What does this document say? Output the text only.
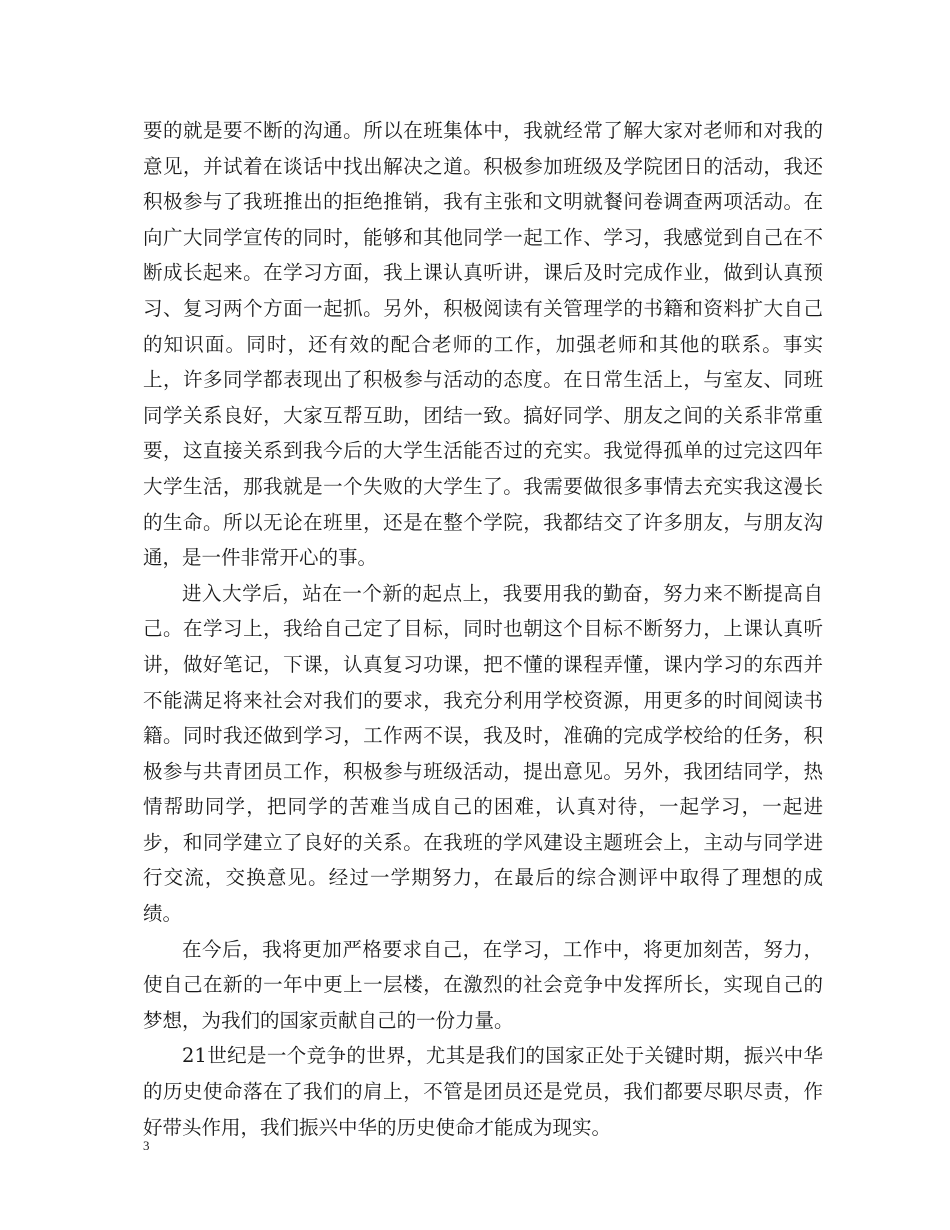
要的就是要不断的沟通。所以在班集体中，我就经常了解大家对老师和对我的意见，并试着在谈话中找出解决之道。积极参加班级及学院团日的活动，我还积极参与了我班推出的拒绝推销，我有主张和文明就餐问卷调查两项活动。在向广大同学宣传的同时，能够和其他同学一起工作、学习，我感觉到自己在不断成长起来。在学习方面，我上课认真听讲，课后及时完成作业，做到认真预习、复习两个方面一起抓。另外，积极阅读有关管理学的书籍和资料扩大自己的知识面。同时，还有效的配合老师的工作，加强老师和其他的联系。事实上，许多同学都表现出了积极参与活动的态度。在日常生活上，与室友、同班同学关系良好，大家互帮互助，团结一致。搞好同学、朋友之间的关系非常重要，这直接关系到我今后的大学生活能否过的充实。我觉得孤单的过完这四年大学生活，那我就是一个失败的大学生了。我需要做很多事情去充实我这漫长的生命。所以无论在班里，还是在整个学院，我都结交了许多朋友，与朋友沟通，是一件非常开心的事。

进入大学后，站在一个新的起点上，我要用我的勤奋，努力来不断提高自己。在学习上，我给自己定了目标，同时也朝这个目标不断努力，上课认真听讲，做好笔记，下课，认真复习功课，把不懂的课程弄懂，课内学习的东西并不能满足将来社会对我们的要求，我充分利用学校资源，用更多的时间阅读书籍。同时我还做到学习，工作两不误，我及时，准确的完成学校给的任务，积极参与共青团员工作，积极参与班级活动，提出意见。另外，我团结同学，热情帮助同学，把同学的苦难当成自己的困难，认真对待，一起学习，一起进步，和同学建立了良好的关系。在我班的学风建设主题班会上，主动与同学进行交流，交换意见。经过一学期努力，在最后的综合测评中取得了理想的成绩。

在今后，我将更加严格要求自己，在学习，工作中，将更加刻苦，努力，使自己在新的一年中更上一层楼，在激烈的社会竞争中发挥所长，实现自己的梦想，为我们的国家贡献自己的一份力量。

21世纪是一个竞争的世界，尤其是我们的国家正处于关键时期，振兴中华的历史使命落在了我们的肩上，不管是团员还是党员，我们都要尽职尽责，作好带头作用，我们振兴中华的历史使命才能成为现实。

3
